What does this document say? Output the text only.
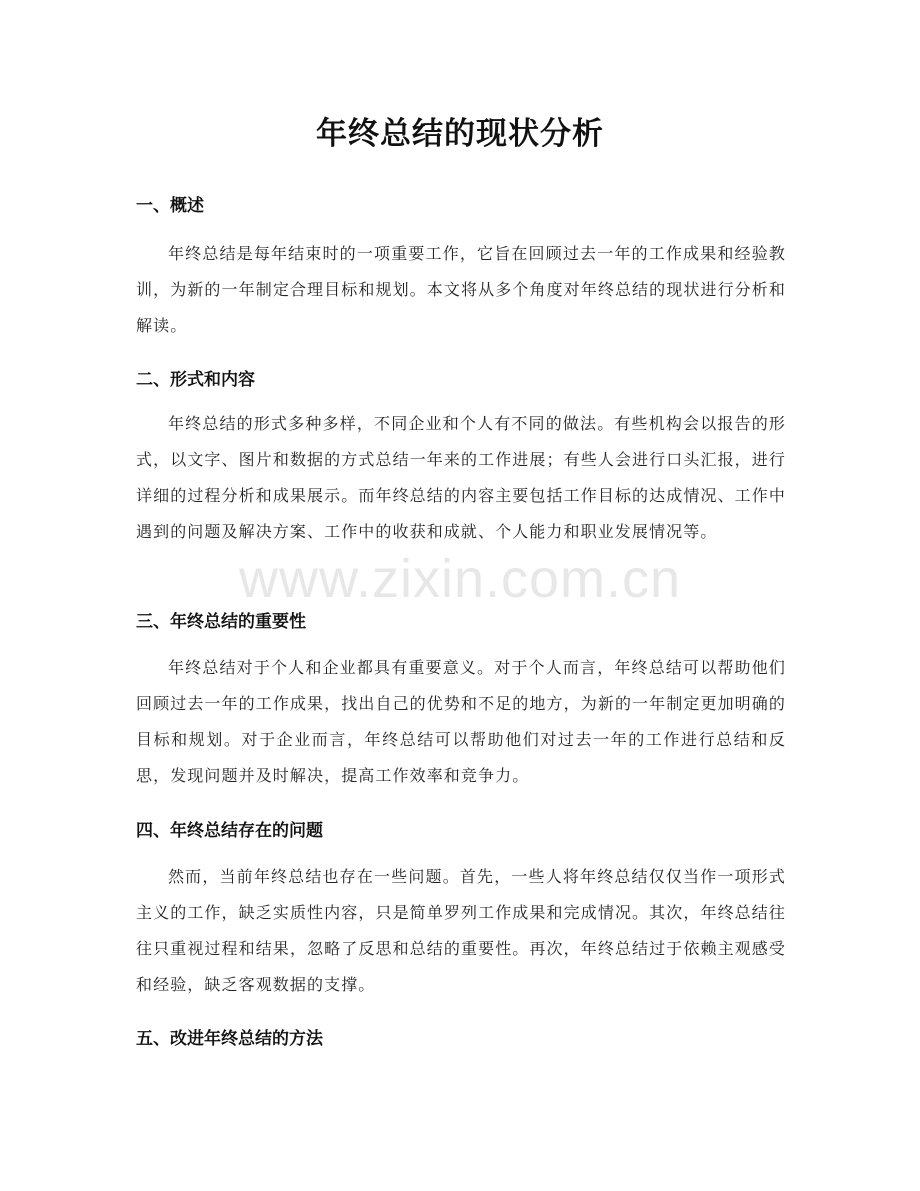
年终总结的现状分析
一、概述

年终总结是每年结束时的一项重要工作，它旨在回顾过去一年的工作成果和经验教训，为新的一年制定合理目标和规划。本文将从多个角度对年终总结的现状进行分析和解读。

二、形式和内容

年终总结的形式多种多样，不同企业和个人有不同的做法。有些机构会以报告的形式，以文字、图片和数据的方式总结一年来的工作进展；有些人会进行口头汇报，进行详细的过程分析和成果展示。而年终总结的内容主要包括工作目标的达成情况、工作中遇到的问题及解决方案、工作中的收获和成就、个人能力和职业发展情况等。

三、年终总结的重要性

年终总结对于个人和企业都具有重要意义。对于个人而言，年终总结可以帮助他们回顾过去一年的工作成果，找出自己的优势和不足的地方，为新的一年制定更加明确的目标和规划。对于企业而言，年终总结可以帮助他们对过去一年的工作进行总结和反思，发现问题并及时解决，提高工作效率和竞争力。

四、年终总结存在的问题

然而，当前年终总结也存在一些问题。首先，一些人将年终总结仅仅当作一项形式主义的工作，缺乏实质性内容，只是简单罗列工作成果和完成情况。其次，年终总结往往只重视过程和结果，忽略了反思和总结的重要性。再次，年终总结过于依赖主观感受和经验，缺乏客观数据的支撑。

五、改进年终总结的方法
www.zixin.com.cn
